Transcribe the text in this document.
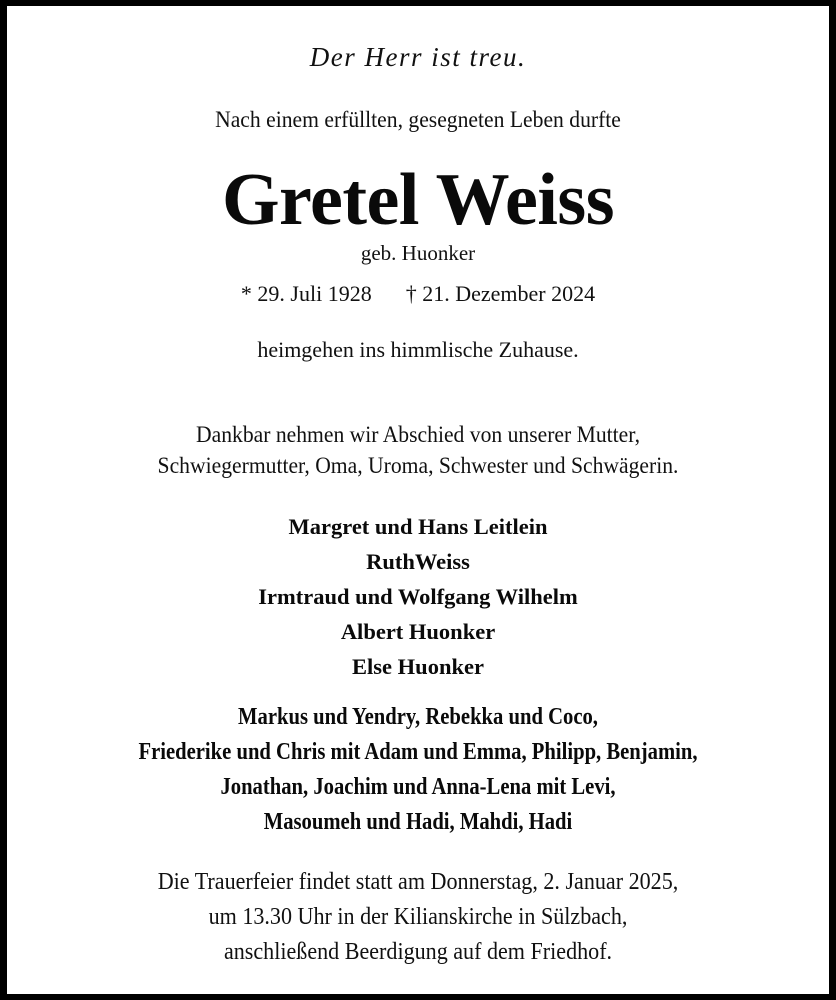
Der Herr ist treu.
Nach einem erfüllten, gesegneten Leben durfte
Gretel Weiss
geb. Huonker
* 29. Juli 1928 † 21. Dezember 2024
heimgehen ins himmlische Zuhause.
Dankbar nehmen wir Abschied von unserer Mutter,
Schwiegermutter, Oma, Uroma, Schwester und Schwägerin.
Margret und Hans Leitlein
RuthWeiss
Irmtraud und Wolfgang Wilhelm
Albert Huonker
Else Huonker
Markus und Yendry, Rebekka und Coco,
Friederike und Chris mit Adam und Emma, Philipp, Benjamin,
Jonathan, Joachim und Anna-Lena mit Levi,
Masoumeh und Hadi, Mahdi, Hadi
Die Trauerfeier findet statt am Donnerstag, 2. Januar 2025,
um 13.30 Uhr in der Kilianskirche in Sülzbach,
anschließend Beerdigung auf dem Friedhof.
